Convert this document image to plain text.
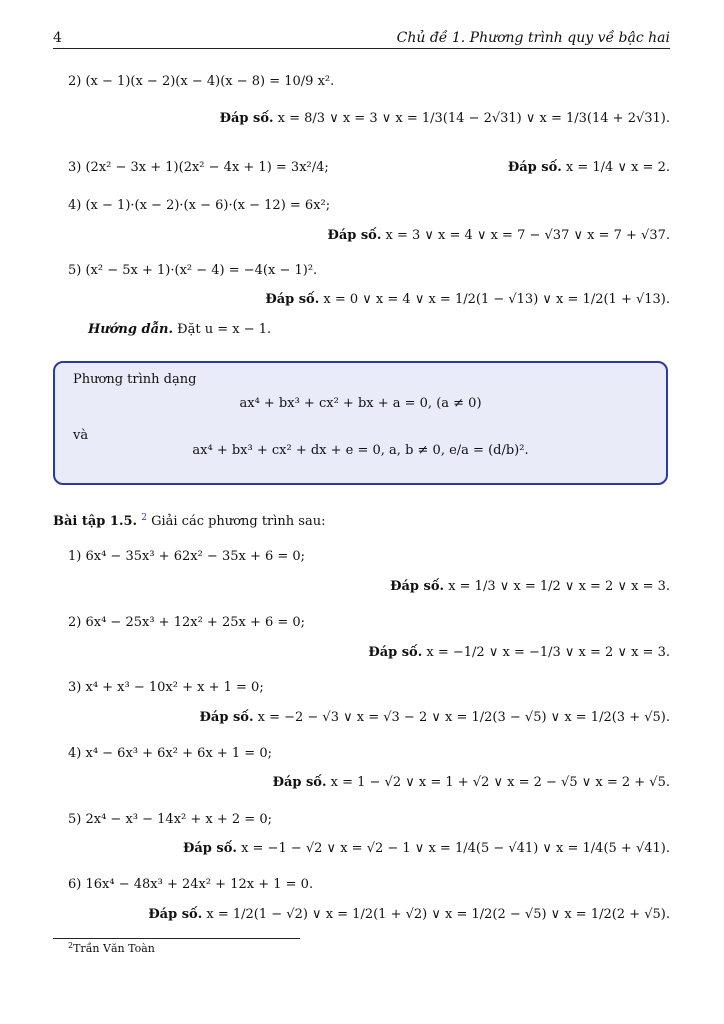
4	Chủ đề 1. Phương trình quy về bậc hai
2) (x − 1)(x − 2)(x − 4)(x − 8) = 10/9 x².
Đáp số. x = 8/3 ∨ x = 3 ∨ x = 1/3(14 − 2√31) ∨ x = 1/3(14 + 2√31).
3) (2x² − 3x + 1)(2x² − 4x + 1) = 3x²/4;	Đáp số. x = 1/4 ∨ x = 2.
4) (x − 1)·(x − 2)·(x − 6)·(x − 12) = 6x²;
Đáp số. x = 3 ∨ x = 4 ∨ x = 7 − √37 ∨ x = 7 + √37.
5) (x² − 5x + 1)·(x² − 4) = −4(x − 1)².
Đáp số. x = 0 ∨ x = 4 ∨ x = 1/2(1 − √13) ∨ x = 1/2(1 + √13).
Hướng dẫn. Đặt u = x − 1.
Phương trình dạng
ax⁴ + bx³ + cx² + bx + a = 0, (a ≠ 0)
và
ax⁴ + bx³ + cx² + dx + e = 0, a, b ≠ 0, e/a = (d/b)².
Bài tập 1.5. $^2$ Giải các phương trình sau:
1) 6x⁴ − 35x³ + 62x² − 35x + 6 = 0;
Đáp số. x = 1/3 ∨ x = 1/2 ∨ x = 2 ∨ x = 3.
2) 6x⁴ − 25x³ + 12x² + 25x + 6 = 0;
Đáp số. x = −1/2 ∨ x = −1/3 ∨ x = 2 ∨ x = 3.
3) x⁴ + x³ − 10x² + x + 1 = 0;
Đáp số. x = −2 − √3 ∨ x = √3 − 2 ∨ x = 1/2(3 − √5) ∨ x = 1/2(3 + √5).
4) x⁴ − 6x³ + 6x² + 6x + 1 = 0;
Đáp số. x = 1 − √2 ∨ x = 1 + √2 ∨ x = 2 − √5 ∨ x = 2 + √5.
5) 2x⁴ − x³ − 14x² + x + 2 = 0;
Đáp số. x = −1 − √2 ∨ x = √2 − 1 ∨ x = 1/4(5 − √41) ∨ x = 1/4(5 + √41).
6) 16x⁴ − 48x³ + 24x² + 12x + 1 = 0.
Đáp số. x = 1/2(1 − √2) ∨ x = 1/2(1 + √2) ∨ x = 1/2(2 − √5) ∨ x = 1/2(2 + √5).
$^2$Trần Văn Toàn
